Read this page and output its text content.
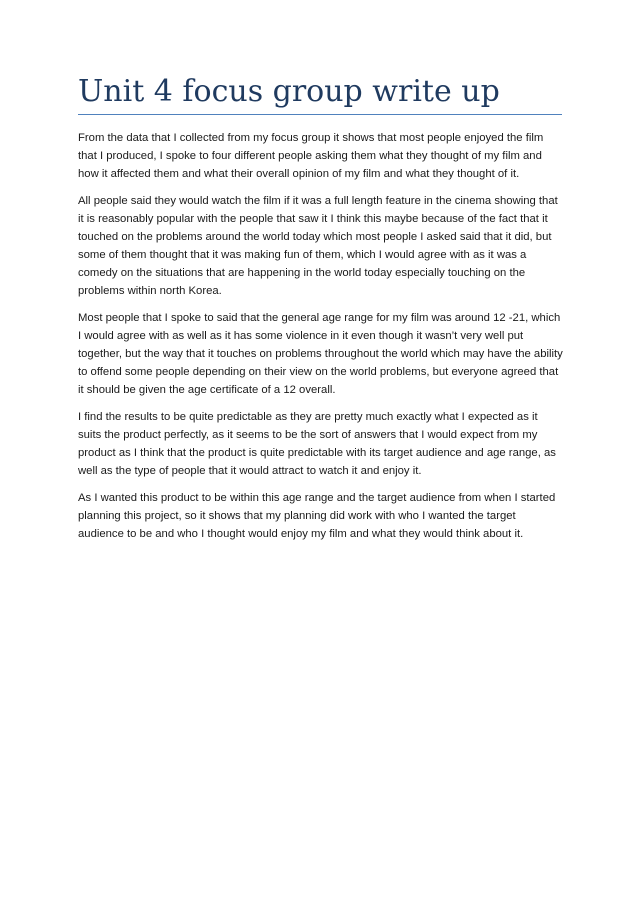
Unit 4 focus group write up

From the data that I collected from my focus group it shows that most people enjoyed the film that I produced, I spoke to four different people asking them what they thought of my film and how it affected them and what their overall opinion of my film and what they thought of it.

All people said they would watch the film if it was a full length feature in the cinema showing that it is reasonably popular with the people that saw it I think this maybe because of the fact that it touched on the problems around the world today which most people I asked said that it did, but some of them thought that it was making fun of them, which I would agree with as it was a comedy on the situations that are happening in the world today especially touching on the problems within north Korea.

Most people that I spoke to said that the general age range for my film was around 12 -21, which I would agree with as well as it has some violence in it even though it wasn’t very well put together, but the way that it touches on problems throughout the world which may have the ability to offend some people depending on their view on the world problems, but everyone agreed that it should be given the age certificate of a 12 overall.

I find the results to be quite predictable as they are pretty much exactly what I expected as it suits the product perfectly, as it seems to be the sort of answers that I would expect from my product as I think that the product is quite predictable with its target audience and age range, as well as the type of people that it would attract to watch it and enjoy it.

As I wanted this product to be within this age range and the target audience from when I started planning this project, so it shows that my planning did work with who I wanted the target audience to be and who I thought would enjoy my film and what they would think about it.
